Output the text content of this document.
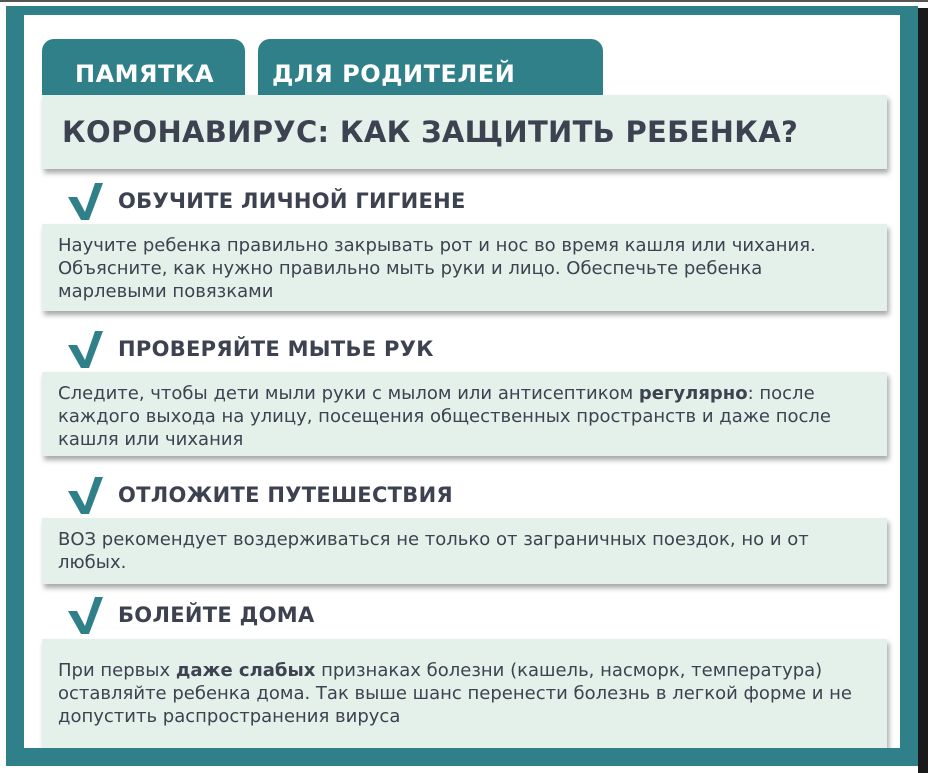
ПАМЯТКА	ДЛЯ РОДИТЕЛЕЙ
КОРОНАВИРУС: КАК ЗАЩИТИТЬ РЕБЕНКА?
ОБУЧИТЕ ЛИЧНОЙ ГИГИЕНЕ
Научите ребенка правильно закрывать рот и нос во время кашля или чихания. Объясните, как нужно правильно мыть руки и лицо. Обеспечьте ребенка марлевыми повязками
ПРОВЕРЯЙТЕ МЫТЬЕ РУК
Следите, чтобы дети мыли руки с мылом или антисептиком регулярно: после каждого выхода на улицу, посещения общественных пространств и даже после кашля или чихания
ОТЛОЖИТЕ ПУТЕШЕСТВИЯ
ВОЗ рекомендует воздерживаться не только от заграничных поездок, но и от любых.
БОЛЕЙТЕ ДОМА
При первых даже слабых признаках болезни (кашель, насморк, температура) оставляйте ребенка дома. Так выше шанс перенести болезнь в легкой форме и не допустить распространения вируса
